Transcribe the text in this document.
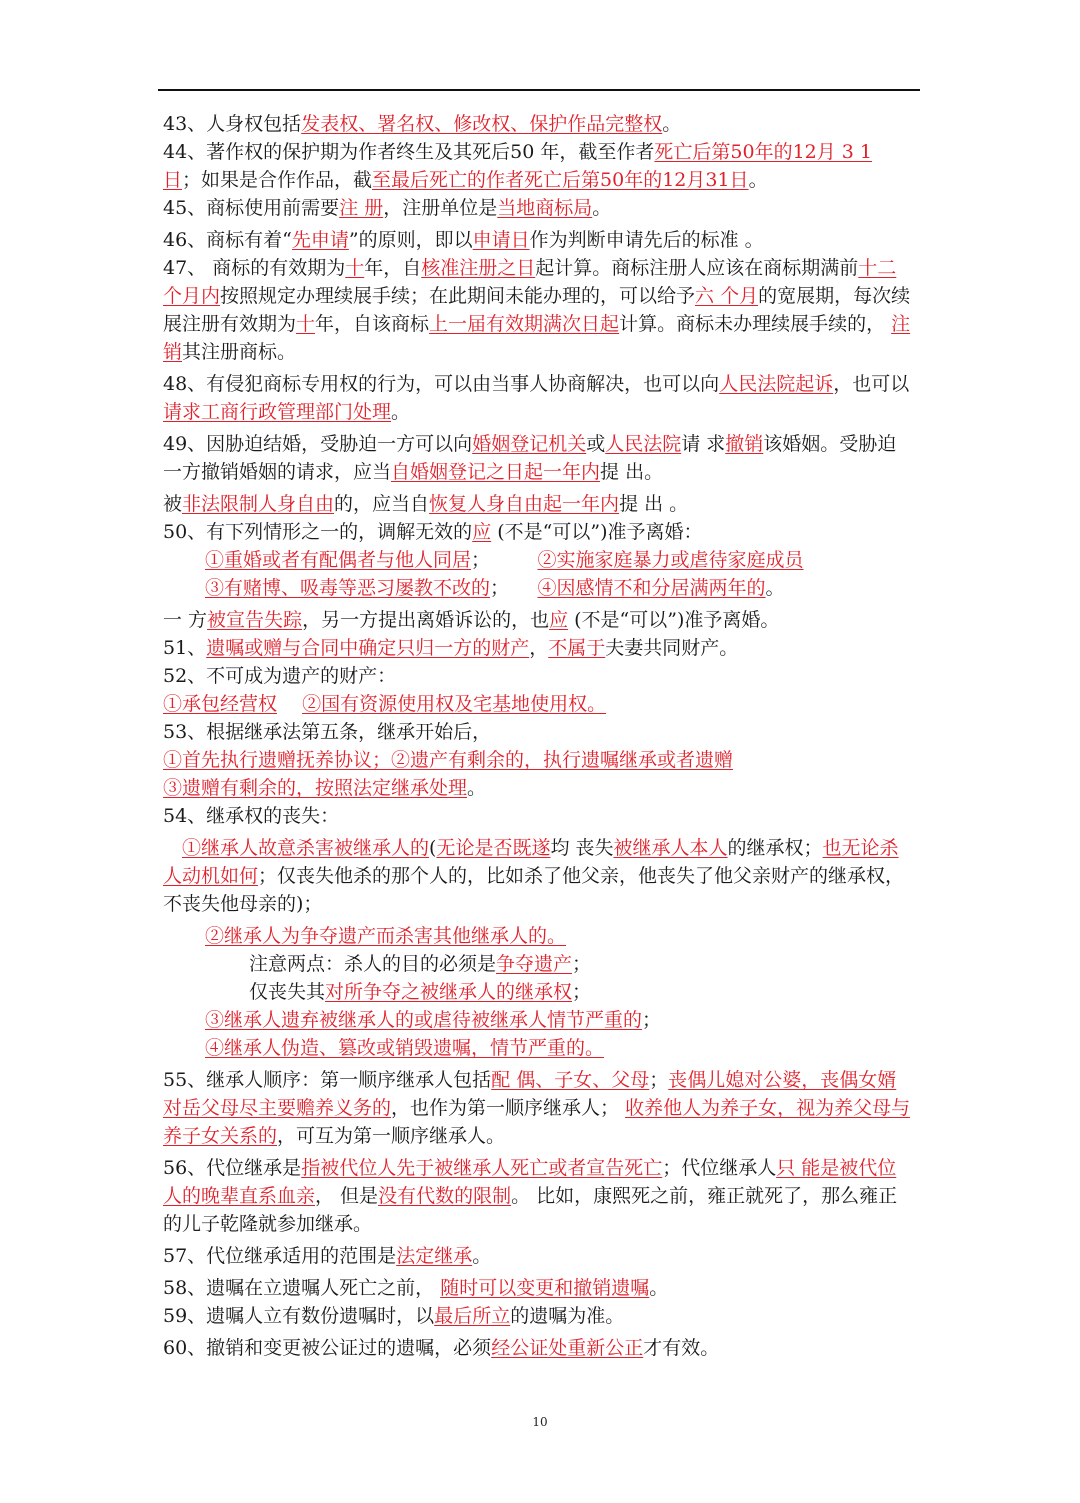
43、人身权包括发表权、署名权、修改权、保护作品完整权。

44、著作权的保护期为作者终生及其死后50 年，截至作者死亡后第50年的12月 3 1 日；如果是合作作品，截至最后死亡的作者死亡后第50年的12月31日。

45、商标使用前需要注 册，注册单位是当地商标局。

46、商标有着“先申请”的原则，即以申请日作为判断申请先后的标准 。

47、 商标的有效期为十年，自核准注册之日起计算。商标注册人应该在商标期满前十二个月内按照规定办理续展手续；在此期间未能办理的，可以给予六 个月的宽展期，每次续展注册有效期为十年，自该商标上一届有效期满次日起计算。商标未办理续展手续的， 注 销其注册商标。

48、有侵犯商标专用权的行为，可以由当事人协商解决，也可以向人民法院起诉，也可以请求工商行政管理部门处理。

49、因胁迫结婚，受胁迫一方可以向婚姻登记机关或人民法院请 求撤销该婚姻。受胁迫一方撤销婚姻的请求，应当自婚姻登记之日起一年内提 出。

被非法限制人身自由的，应当自恢复人身自由起一年内提 出 。

50、有下列情形之一的，调解无效的应 (不是“可以”)准予离婚：

①重婚或者有配偶者与他人同居；　　　②实施家庭暴力或虐待家庭成员

③有赌博、吸毒等恶习屡教不改的；　　④因感情不和分居满两年的。

一 方被宣告失踪，另一方提出离婚诉讼的，也应 (不是“可以”)准予离婚。

51、遗嘱或赠与合同中确定只归一方的财产，不属于夫妻共同财产。

52、不可成为遗产的财产：

①承包经营权　 ②国有资源使用权及宅基地使用权。

53、根据继承法第五条，继承开始后，

①首先执行遗赠抚养协议；②遗产有剩余的，执行遗嘱继承或者遗赠

③遗赠有剩余的，按照法定继承处理。

54、继承权的丧失：

　①继承人故意杀害被继承人的(无论是否既遂均 丧失被继承人本人的继承权；也无论杀人动机如何；仅丧失他杀的那个人的，比如杀了他父亲，他丧失了他父亲财产的继承权，不丧失他母亲的)；

②继承人为争夺遗产而杀害其他继承人的。

注意两点：杀人的目的必须是争夺遗产；

仅丧失其对所争夺之被继承人的继承权；

③继承人遗弃被继承人的或虐待被继承人情节严重的；

④继承人伪造、篡改或销毁遗嘱，情节严重的。

55、继承人顺序：第一顺序继承人包括配 偶、子女、父母；丧偶儿媳对公婆，丧偶女婿对岳父母尽主要赡养义务的，也作为第一顺序继承人； 收养他人为养子女，视为养父母与养子女关系的，可互为第一顺序继承人。

56、代位继承是指被代位人先于被继承人死亡或者宣告死亡；代位继承人只 能是被代位人的晚辈直系血亲， 但是没有代数的限制。 比如，康熙死之前，雍正就死了，那么雍正的儿子乾隆就参加继承。

57、代位继承适用的范围是法定继承。

58、遗嘱在立遗嘱人死亡之前， 随时可以变更和撤销遗嘱。

59、遗嘱人立有数份遗嘱时，以最后所立的遗嘱为准。

60、撤销和变更被公证过的遗嘱，必须经公证处重新公正才有效。

10
